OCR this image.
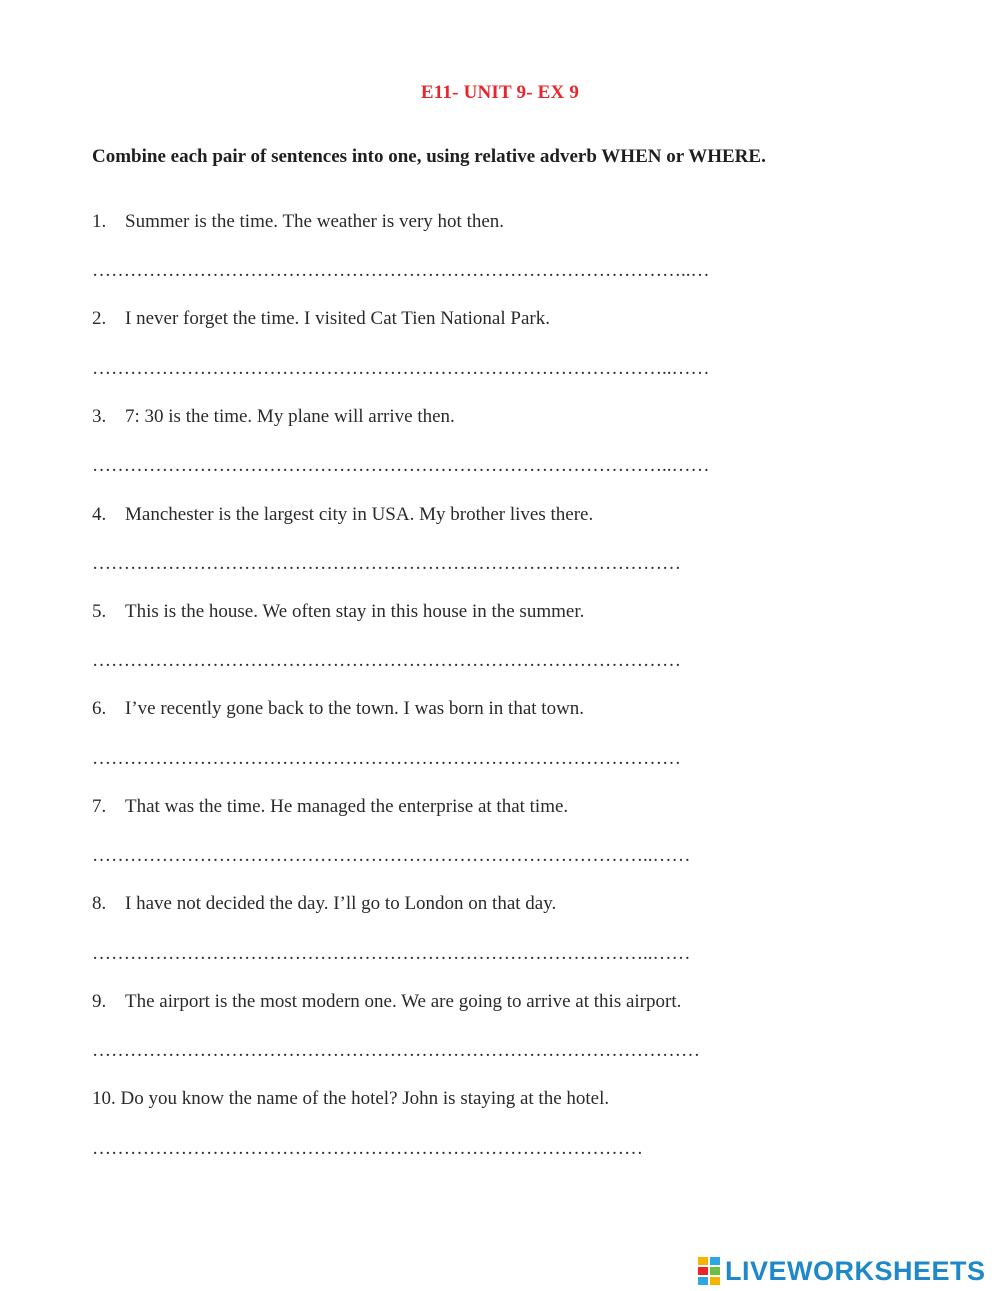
E11- UNIT 9- EX 9
Combine each pair of sentences into one, using relative adverb WHEN or WHERE.
1. Summer is the time. The weather is very hot then.
…………………………………………………………………………………..…
2. I never forget the time. I visited Cat Tien National Park.
………………………………………………………………………………..……
3. 7: 30 is the time. My plane will arrive then.
………………………………………………………………………………..……
4. Manchester is the largest city in USA. My brother lives there.
…………………………………………………………………………………
5. This is the house. We often stay in this house in the summer.
…………………………………………………………………………………
6. I’ve recently gone back to the town. I was born in that town.
…………………………………………………………………………………
7. That was the time. He managed the enterprise at that time.
……………………………………………………………………………..……
8. I have not decided the day. I’ll go to London on that day.
……………………………………………………………………………..……
9. The airport is the most modern one. We are going to arrive at this airport.
……………………………………………………………………………………
10. Do you know the name of the hotel? John is staying at the hotel.
……………………………………………………………………………
LIVEWORKSHEETS
